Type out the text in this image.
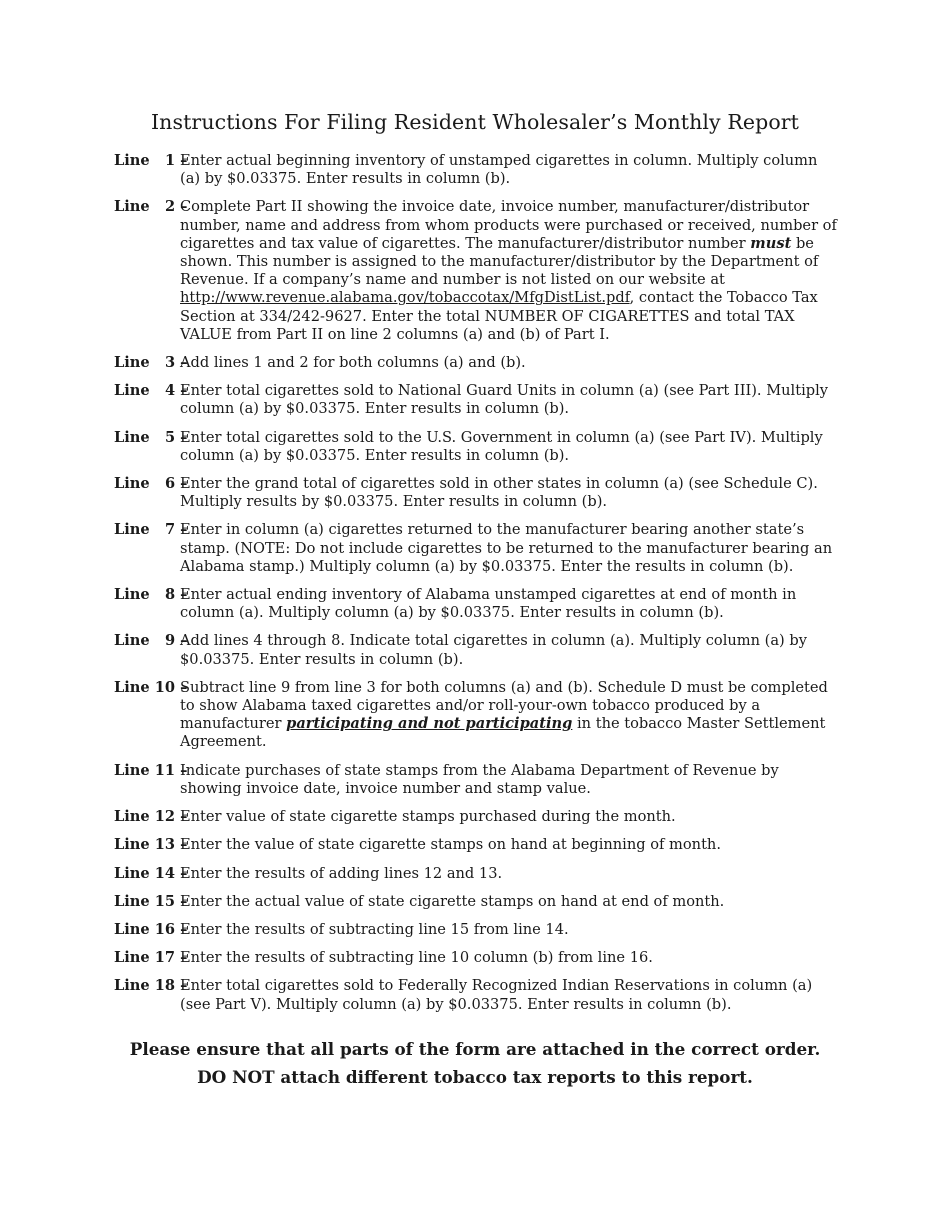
Instructions For Filing Resident Wholesaler’s Monthly Report
Line   1 –
Enter actual beginning inventory of unstamped cigarettes in column. Multiply column (a) by $0.03375. Enter results in column (b).
Line   2 –
Complete Part II showing the invoice date, invoice number, manufacturer/distributor number, name and address from whom products were purchased or received, number of cigarettes and tax value of cigarettes. The manufacturer/distributor number must be shown. This number is assigned to the manufacturer/distributor by the Department of Revenue. If a company’s name and number is not listed on our website at http://www.revenue.alabama.gov/tobaccotax/MfgDistList.pdf, contact the Tobacco Tax Section at 334/242-9627. Enter the total NUMBER OF CIGARETTES and total TAX VALUE from Part II on line 2 columns (a) and (b) of Part I.
Line   3 –
Add lines 1 and 2 for both columns (a) and (b).
Line   4 –
Enter total cigarettes sold to National Guard Units in column (a) (see Part III). Multiply column (a) by $0.03375. Enter results in column (b).
Line   5 –
Enter total cigarettes sold to the U.S. Government in column (a) (see Part IV). Multiply column (a) by $0.03375. Enter results in column (b).
Line   6 –
Enter the grand total of cigarettes sold in other states in column (a) (see Schedule C). Multiply results by $0.03375. Enter results in column (b).
Line   7 –
Enter in column (a) cigarettes returned to the manufacturer bearing another state’s stamp. (NOTE: Do not include cigarettes to be returned to the manufacturer bearing an Alabama stamp.) Multiply column (a) by $0.03375. Enter the results in column (b).
Line   8 –
Enter actual ending inventory of Alabama unstamped cigarettes at end of month in column (a). Multiply column (a) by $0.03375. Enter results in column (b).
Line   9 –
Add lines 4 through 8. Indicate total cigarettes in column (a). Multiply column (a) by $0.03375. Enter results in column (b).
Line 10 –
Subtract line 9 from line 3 for both columns (a) and (b). Schedule D must be completed to show Alabama taxed cigarettes and/or roll-your-own tobacco produced by a manufacturer participating and not participating in the tobacco Master Settlement Agreement.
Line 11 –
Indicate purchases of state stamps from the Alabama Department of Revenue by showing invoice date, invoice number and stamp value.
Line 12 –
Enter value of state cigarette stamps purchased during the month.
Line 13 –
Enter the value of state cigarette stamps on hand at beginning of month.
Line 14 –
Enter the results of adding lines 12 and 13.
Line 15 –
Enter the actual value of state cigarette stamps on hand at end of month.
Line 16 –
Enter the results of subtracting line 15 from line 14.
Line 17 –
Enter the results of subtracting line 10 column (b) from line 16.
Line 18 –
Enter total cigarettes sold to Federally Recognized Indian Reservations in column (a) (see Part V). Multiply column (a) by $0.03375. Enter results in column (b).
Please ensure that all parts of the form are attached in the correct order.
DO NOT attach different tobacco tax reports to this report.
